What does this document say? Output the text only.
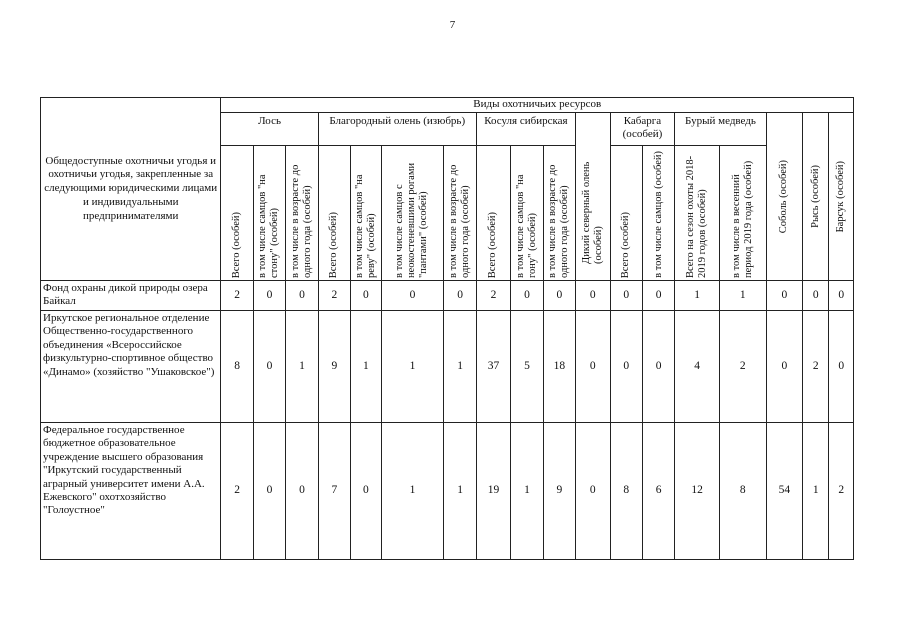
7
Общедоступные охотничьи угодья и охотничьи угодья, закрепленные за следующими юридическими лицами и индивидуальными предпринимателями	Виды охотничьих ресурсов																	
	Лось			Благородный олень (изюбрь)				Косуля сибирская			Дикий северный олень (особей)	Кабарга (особей)		Бурый медведь		Соболь (особей)	Рысь (особей)	Барсук (особей)

	Всего (особей)	в том числе самцов "на стону" (особей)	в том числе в возрасте до одного года (особей)	Всего (особей)	в том числе самцов "на реву" (особей)	в том числе самцов с неокостеневшими рогами "пантами" (особей)	в том числе в возрасте до одного года (особей)	Всего (особей)	в том числе самцов "на гону" (особей)	в том числе в возрасте до одного года (особей)		Всего (особей)	в том числе самцов (особей)	Всего на сезон охоты 2018-2019 годов (особей)	в том числе в весенний период 2019 года (особей)			

Фонд охраны дикой природы озера Байкал	2	0	0	2	0	0	0	2	0	0	0	0	0	1	1	0	0	0
Иркутское региональное отделение Общественно-государственного объединения «Всероссийское физкультурно-спортивное общество «Динамо» (хозяйство "Ушаковское")	8	0	1	9	1	1	1	37	5	18	0	0	0	4	2	0	2	0
Федеральное государственное бюджетное образовательное учреждение высшего образования "Иркутский государственный аграрный университет имени А.А. Ежевского" охотхозяйство "Голоустное"	2	0	0	7	0	1	1	19	1	9	0	8	6	12	8	54	1	2
